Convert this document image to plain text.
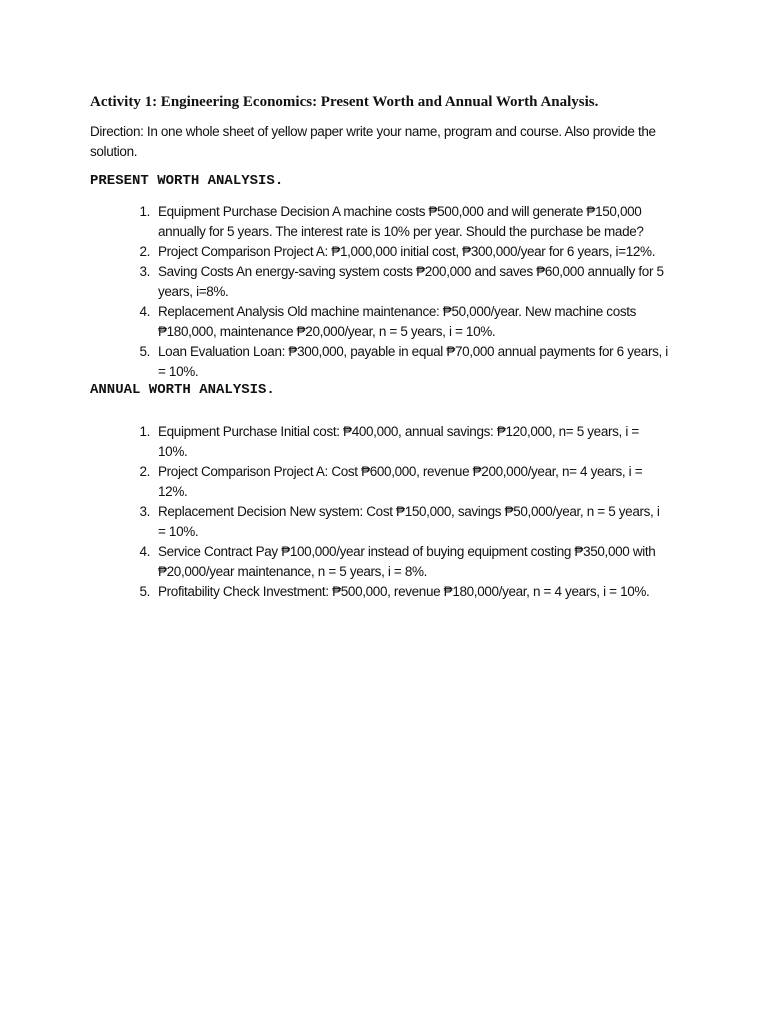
Activity 1: Engineering Economics: Present Worth and Annual Worth Analysis.

Direction: In one whole sheet of yellow paper write your name, program and course. Also provide the solution.

PRESENT WORTH ANALYSIS.
1. Equipment Purchase Decision A machine costs ₱500,000 and will generate ₱150,000 annually for 5 years. The interest rate is 10% per year. Should the purchase be made?
2. Project Comparison Project A: ₱1,000,000 initial cost, ₱300,000/year for 6 years, i=12%.
3. Saving Costs An energy-saving system costs ₱200,000 and saves ₱60,000 annually for 5 years, i=8%.
4. Replacement Analysis Old machine maintenance: ₱50,000/year. New machine costs ₱180,000, maintenance ₱20,000/year, n = 5 years, i = 10%.
5. Loan Evaluation Loan: ₱300,000, payable in equal ₱70,000 annual payments for 6 years, i = 10%.
ANNUAL WORTH ANALYSIS.
1. Equipment Purchase Initial cost: ₱400,000, annual savings: ₱120,000, n= 5 years, i = 10%.
2. Project Comparison Project A: Cost ₱600,000, revenue ₱200,000/year, n= 4 years, i = 12%.
3. Replacement Decision New system: Cost ₱150,000, savings ₱50,000/year, n = 5 years, i = 10%.
4. Service Contract Pay ₱100,000/year instead of buying equipment costing ₱350,000 with ₱20,000/year maintenance, n = 5 years, i = 8%.
5. Profitability Check Investment: ₱500,000, revenue ₱180,000/year, n = 4 years, i = 10%.
